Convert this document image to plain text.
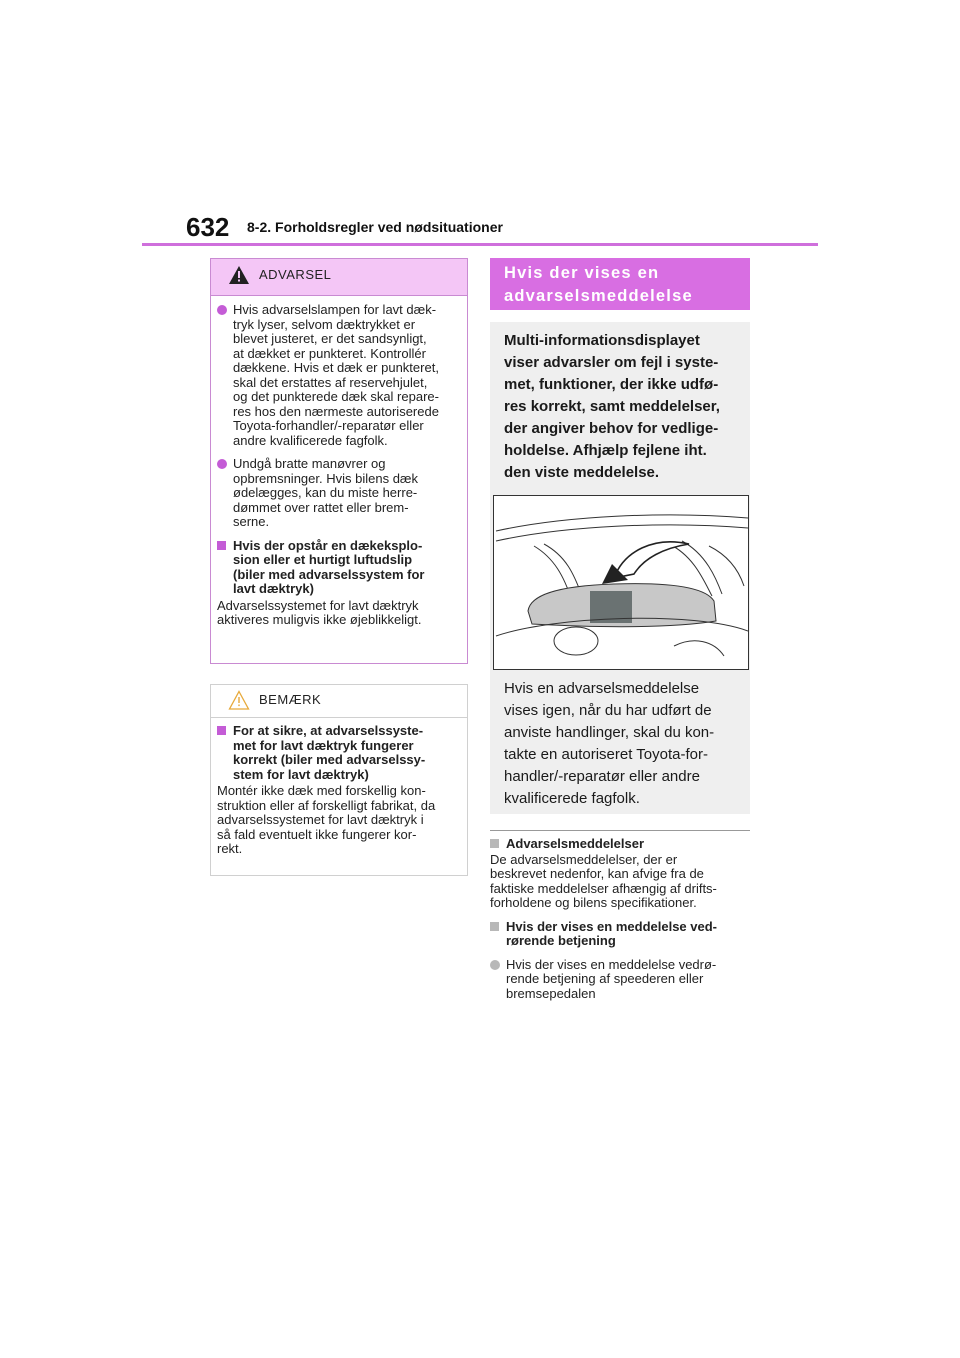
632 8-2. Forholdsregler ved nødsituationer
ADVARSEL
Hvis advarselslampen for lavt dæk-
tryk lyser, selvom dæktrykket er
blevet justeret, er det sandsynligt,
at dækket er punkteret. Kontrollér
dækkene. Hvis et dæk er punkteret,
skal det erstattes af reservehjulet,
og det punkterede dæk skal repare-
res hos den nærmeste autoriserede
Toyota-forhandler/-reparatør eller
andre kvalificerede fagfolk.
Undgå bratte manøvrer og
opbremsninger. Hvis bilens dæk
ødelægges, kan du miste herre-
dømmet over rattet eller brem-
serne.
Hvis der opstår en dækeksplo-
sion eller et hurtigt luftudslip
(biler med advarselssystem for
lavt dæktryk)
Advarselssystemet for lavt dæktryk
aktiveres muligvis ikke øjeblikkeligt.
BEMÆRK
For at sikre, at advarselssyste-
met for lavt dæktryk fungerer
korrekt (biler med advarselssy-
stem for lavt dæktryk)
Montér ikke dæk med forskellig kon-
struktion eller af forskelligt fabrikat, da
advarselssystemet for lavt dæktryk i
så fald eventuelt ikke fungerer kor-
rekt.
Hvis der vises en
advarselsmeddelelse
Multi-informationsdisplayet
viser advarsler om fejl i syste-
met, funktioner, der ikke udfø-
res korrekt, samt meddelelser,
der angiver behov for vedlige-
holdelse. Afhjælp fejlene iht.
den viste meddelelse.
Hvis en advarselsmeddelelse
vises igen, når du har udført de
anviste handlinger, skal du kon-
takte en autoriseret Toyota-for-
handler/-reparatør eller andre
kvalificerede fagfolk.
Advarselsmeddelelser
De advarselsmeddelelser, der er
beskrevet nedenfor, kan afvige fra de
faktiske meddelelser afhængig af drifts-
forholdene og bilens specifikationer.
Hvis der vises en meddelelse ved-
rørende betjening
Hvis der vises en meddelelse vedrø-
rende betjening af speederen eller
bremsepedalen
